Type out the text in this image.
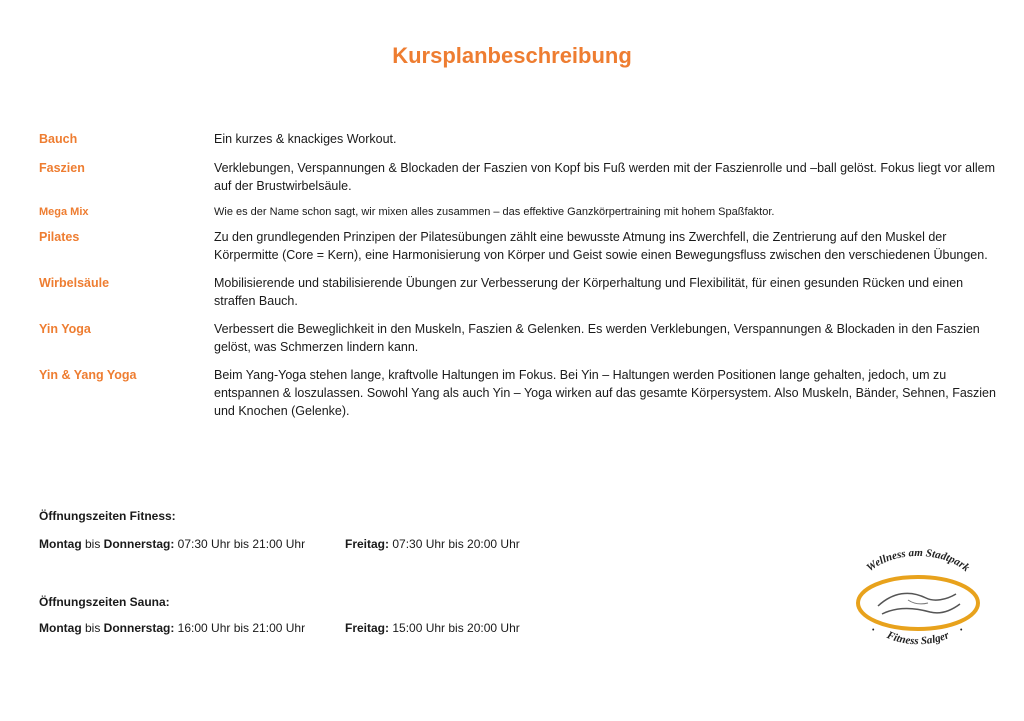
Kursplanbeschreibung
Bauch	Ein kurzes & knackiges Workout.
Faszien	Verklebungen, Verspannungen & Blockaden der Faszien von Kopf bis Fuß werden mit der Faszienrolle und –ball gelöst. Fokus liegt vor allem auf der Brustwirbelsäule.
Mega Mix	Wie es der Name schon sagt, wir mixen alles zusammen – das effektive Ganzkörpertraining mit hohem Spaßfaktor.
Pilates	Zu den grundlegenden Prinzipen der Pilatesübungen zählt eine bewusste Atmung ins Zwerchfell, die Zentrierung auf den Muskel der Körpermitte (Core = Kern), eine Harmonisierung von Körper und Geist sowie einen Bewegungsfluss zwischen den verschiedenen Übungen.
Wirbelsäule	Mobilisierende und stabilisierende Übungen zur Verbesserung der Körperhaltung und Flexibilität, für einen gesunden Rücken und einen straffen Bauch.
Yin Yoga	Verbessert die Beweglichkeit in den Muskeln, Faszien & Gelenken. Es werden Verklebungen, Verspannungen & Blockaden in den Faszien gelöst, was Schmerzen lindern kann.
Yin & Yang Yoga	Beim Yang-Yoga stehen lange, kraftvolle Haltungen im Fokus. Bei Yin – Haltungen werden Positionen lange gehalten, jedoch, um zu entspannen & loszulassen. Sowohl Yang als auch Yin – Yoga wirken auf das gesamte Körpersystem. Also Muskeln, Bänder, Sehnen, Faszien und Knochen (Gelenke).
Öffnungszeiten Fitness:
Montag bis Donnerstag: 07:30 Uhr bis 21:00 Uhr	Freitag: 07:30 Uhr bis 20:00 Uhr
Öffnungszeiten Sauna:
Montag bis Donnerstag: 16:00 Uhr bis 21:00 Uhr	Freitag: 15:00 Uhr bis 20:00 Uhr
Wellness am Stadtpark
•	•
Fitness Salger
